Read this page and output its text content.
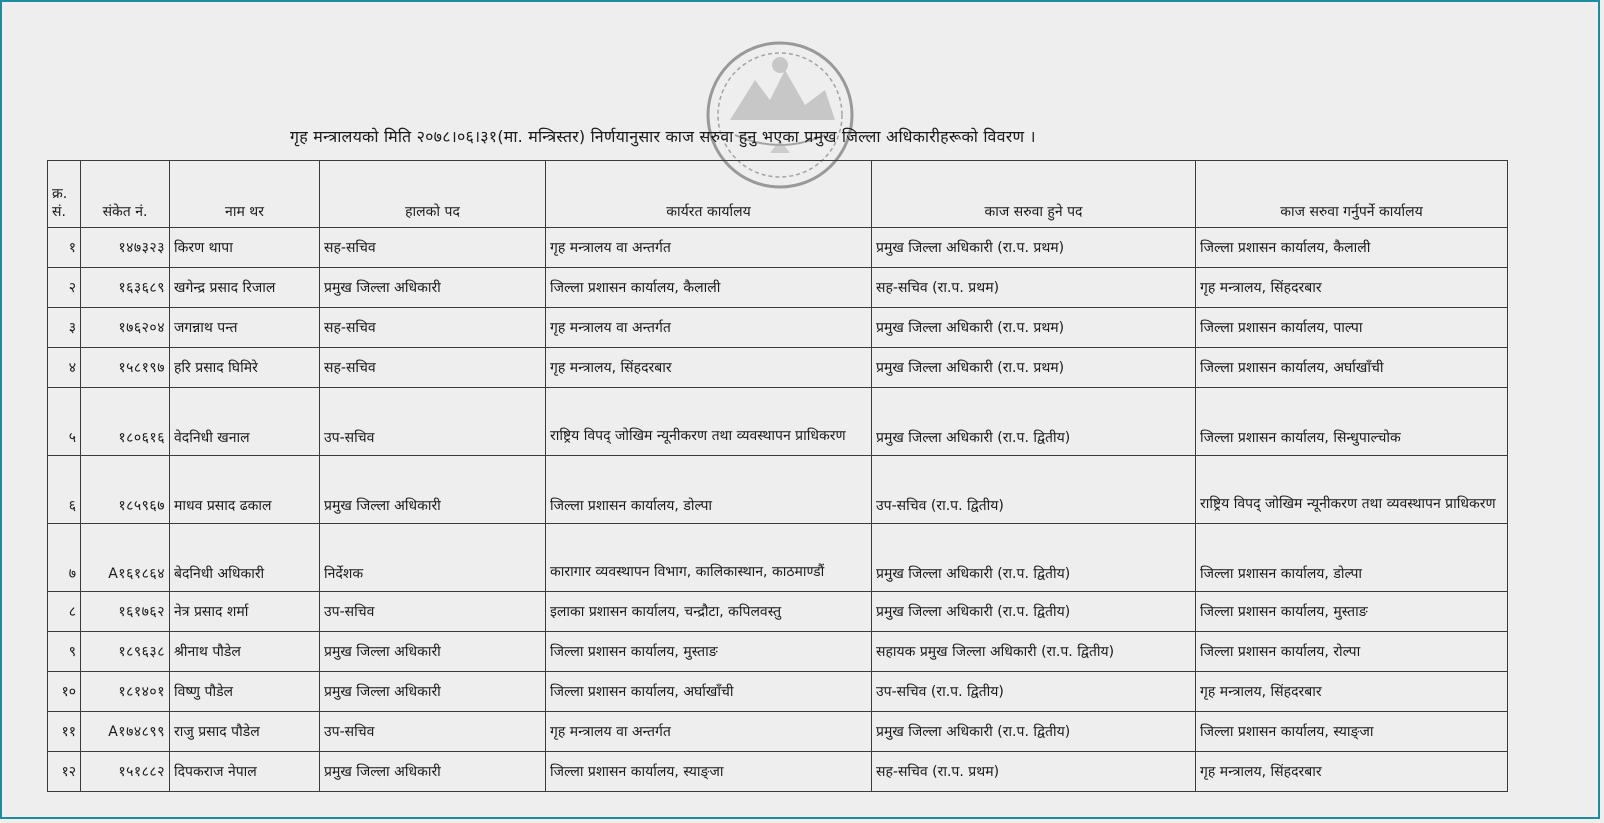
गृह मन्त्रालयको मिति २०७८।०६।३१(मा. मन्त्रिस्तर) निर्णयानुसार काज सरुवा हुनु भएका प्रमुख जिल्ला अधिकारीहरूको विवरण ।
क्र.
सं.	संकेत नं.	नाम थर	हालको पद	कार्यरत कार्यालय	काज सरुवा हुने पद	काज सरुवा गर्नुपर्ने कार्यालय
१	१४७३२३	किरण थापा	सह-सचिव	गृह मन्त्रालय वा अन्तर्गत	प्रमुख जिल्ला अधिकारी (रा.प. प्रथम)	जिल्ला प्रशासन कार्यालय, कैलाली
२	१६३६८९	खगेन्द्र प्रसाद रिजाल	प्रमुख जिल्ला अधिकारी	जिल्ला प्रशासन कार्यालय, कैलाली	सह-सचिव (रा.प. प्रथम)	गृह मन्त्रालय, सिंहदरबार
३	१७६२०४	जगन्नाथ पन्त	सह-सचिव	गृह मन्त्रालय वा अन्तर्गत	प्रमुख जिल्ला अधिकारी (रा.प. प्रथम)	जिल्ला प्रशासन कार्यालय, पाल्पा
४	१५८१९७	हरि प्रसाद घिमिरे	सह-सचिव	गृह मन्त्रालय, सिंहदरबार	प्रमुख जिल्ला अधिकारी (रा.प. प्रथम)	जिल्ला प्रशासन कार्यालय, अर्घाखाँची
५	१८०६१६	वेदनिधी खनाल	उप-सचिव	राष्ट्रिय विपद् जोखिम न्यूनीकरण तथा व्यवस्थापन प्राधिकरण	प्रमुख जिल्ला अधिकारी (रा.प. द्वितीय)	जिल्ला प्रशासन कार्यालय, सिन्धुपाल्चोक
६	१८५९६७	माधव प्रसाद ढकाल	प्रमुख जिल्ला अधिकारी	जिल्ला प्रशासन कार्यालय, डोल्पा	उप-सचिव (रा.प. द्वितीय)	राष्ट्रिय विपद् जोखिम न्यूनीकरण तथा व्यवस्थापन प्राधिकरण
७	A१६१८६४	बेदनिधी अधिकारी	निर्देशक	कारागार व्यवस्थापन विभाग, कालिकास्थान, काठमाण्डौं	प्रमुख जिल्ला अधिकारी (रा.प. द्वितीय)	जिल्ला प्रशासन कार्यालय, डोल्पा
८	१६१७६२	नेत्र प्रसाद शर्मा	उप-सचिव	इलाका प्रशासन कार्यालय, चन्द्रौटा, कपिलवस्तु	प्रमुख जिल्ला अधिकारी (रा.प. द्वितीय)	जिल्ला प्रशासन कार्यालय, मुस्ताङ
९	१८९६३८	श्रीनाथ पौडेल	प्रमुख जिल्ला अधिकारी	जिल्ला प्रशासन कार्यालय, मुस्ताङ	सहायक प्रमुख जिल्ला अधिकारी (रा.प. द्वितीय)	जिल्ला प्रशासन कार्यालय, रोल्पा
१०	१८१४०१	विष्णु पौडेल	प्रमुख जिल्ला अधिकारी	जिल्ला प्रशासन कार्यालय, अर्घाखाँची	उप-सचिव (रा.प. द्वितीय)	गृह मन्त्रालय, सिंहदरबार
११	A१७४८९९	राजु प्रसाद पौडेल	उप-सचिव	गृह मन्त्रालय वा अन्तर्गत	प्रमुख जिल्ला अधिकारी (रा.प. द्वितीय)	जिल्ला प्रशासन कार्यालय, स्याङ्जा
१२	१५१८८२	दिपकराज नेपाल	प्रमुख जिल्ला अधिकारी	जिल्ला प्रशासन कार्यालय, स्याङ्जा	सह-सचिव (रा.प. प्रथम)	गृह मन्त्रालय, सिंहदरबार
